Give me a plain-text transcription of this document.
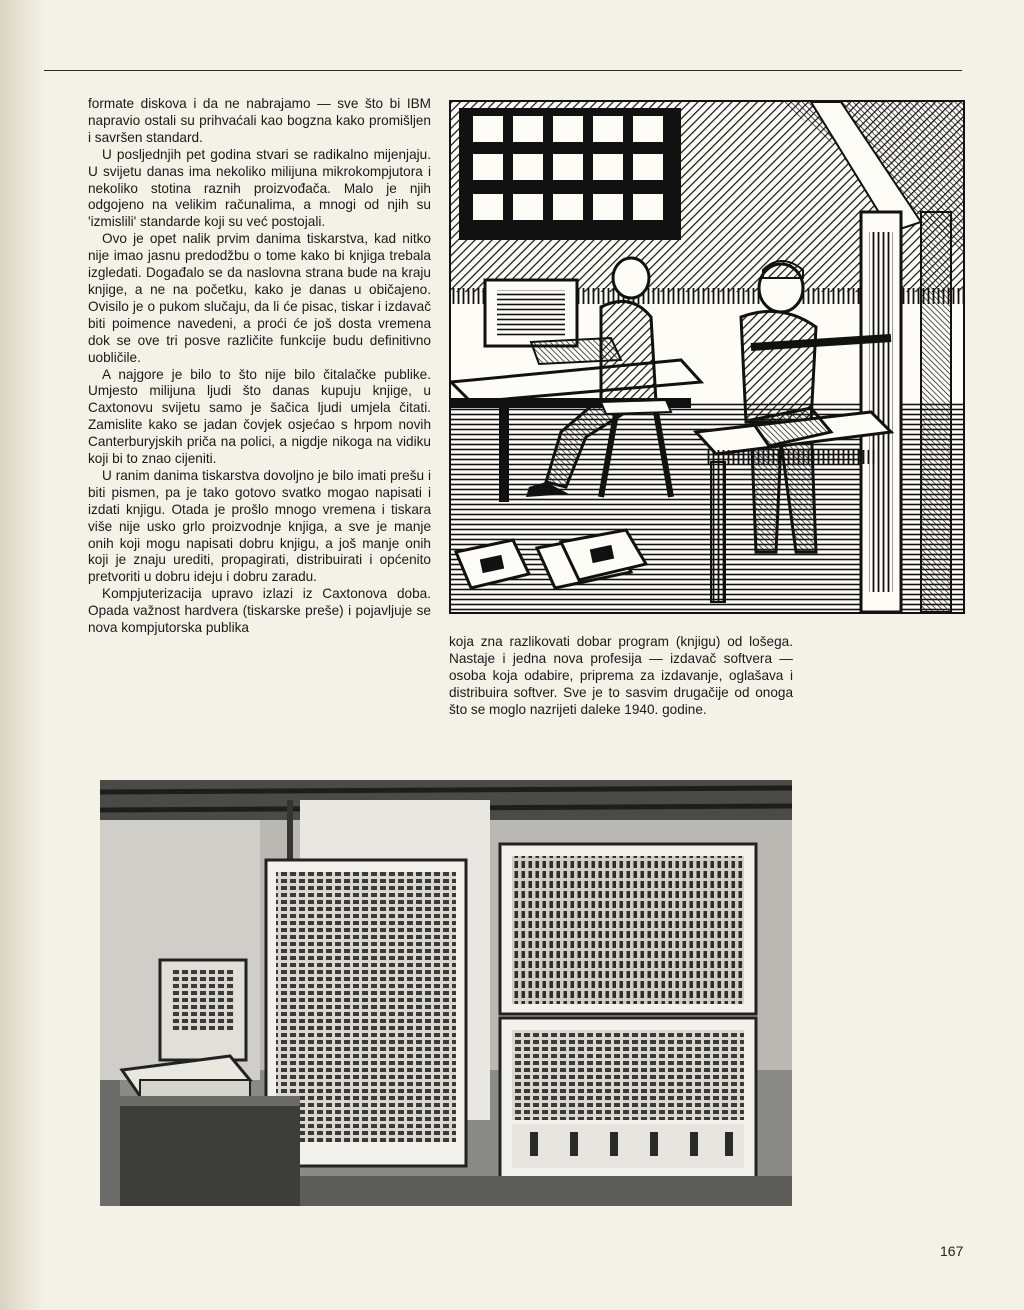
formate diskova i da ne nabrajamo — sve što bi IBM napravio ostali su prihvaćali kao bogzna kako promišljen i savršen standard.

U posljednjih pet godina stvari se radikalno mijenjaju. U svijetu danas ima nekoliko milijuna mikrokompjutora i nekoliko stotina raznih proizvođača. Malo je njih odgojeno na velikim računalima, a mnogi od njih su 'izmislili' standarde koji su već postojali.

Ovo je opet nalik prvim danima tiskarstva, kad nitko nije imao jasnu predodžbu o tome kako bi knjiga trebala izgledati. Događalo se da naslovna strana bude na kraju knjige, a ne na početku, kako je danas u običajeno. Ovisilo je o pukom slučaju, da li će pisac, tiskar i izdavač biti poimence navedeni, a proći će još dosta vremena dok se ove tri posve različite funkcije budu definitivno uobličile.

A najgore je bilo to što nije bilo čitalačke publike. Umjesto milijuna ljudi što danas kupuju knjige, u Caxtonovu svijetu samo je šačica ljudi umjela čitati. Zamislite kako se jadan čovjek osjećao s hrpom novih Canterburyjskih priča na polici, a nigdje nikoga na vidiku koji bi to znao cijeniti.

U ranim danima tiskarstva dovoljno je bilo imati prešu i biti pismen, pa je tako gotovo svatko mogao napisati i izdati knjigu. Otada je prošlo mnogo vremena i tiskara više nije usko grlo proizvodnje knjiga, a sve je manje onih koji mogu napisati dobru knjigu, a još manje onih koji je znaju urediti, propagirati, distribuirati i općenito pretvoriti u dobru ideju i dobru zaradu.

Kompjuterizacija upravo izlazi iz Caxtonova doba. Opada važnost hardvera (tiskarske preše) i pojavljuje se nova kompjutorska publika

koja zna razlikovati dobar program (knjigu) od lošega. Nastaje i jedna nova profesija — izdavač softvera — osoba koja odabire, priprema za izdavanje, oglašava i distribuira softver. Sve je to sasvim drugačije od onoga što se moglo nazrijeti daleke 1940. godine.

167
